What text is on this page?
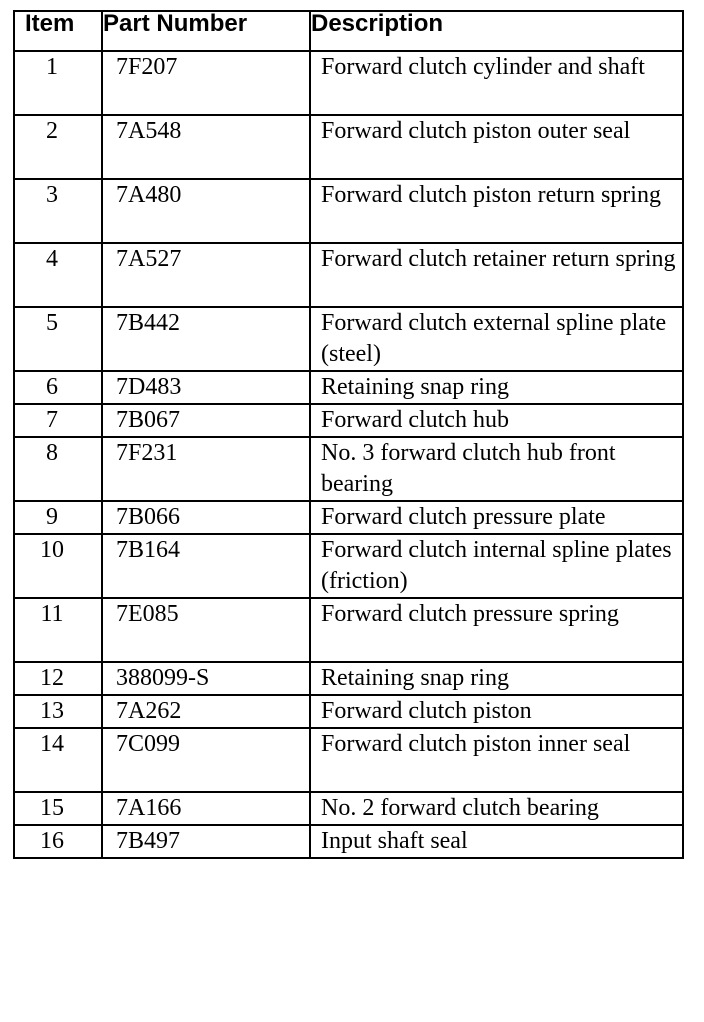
Item	Part Number	Description
1	7F207	Forward clutch cylinder and shaft
2	7A548	Forward clutch piston outer seal
3	7A480	Forward clutch piston return spring
4	7A527	Forward clutch retainer return spring
5	7B442	Forward clutch external spline plate (steel)
6	7D483	Retaining snap ring
7	7B067	Forward clutch hub
8	7F231	No. 3 forward clutch hub front bearing
9	7B066	Forward clutch pressure plate
10	7B164	Forward clutch internal spline plates (friction)
11	7E085	Forward clutch pressure spring
12	388099-S	Retaining snap ring
13	7A262	Forward clutch piston
14	7C099	Forward clutch piston inner seal
15	7A166	No. 2 forward clutch bearing
16	7B497	Input shaft seal
